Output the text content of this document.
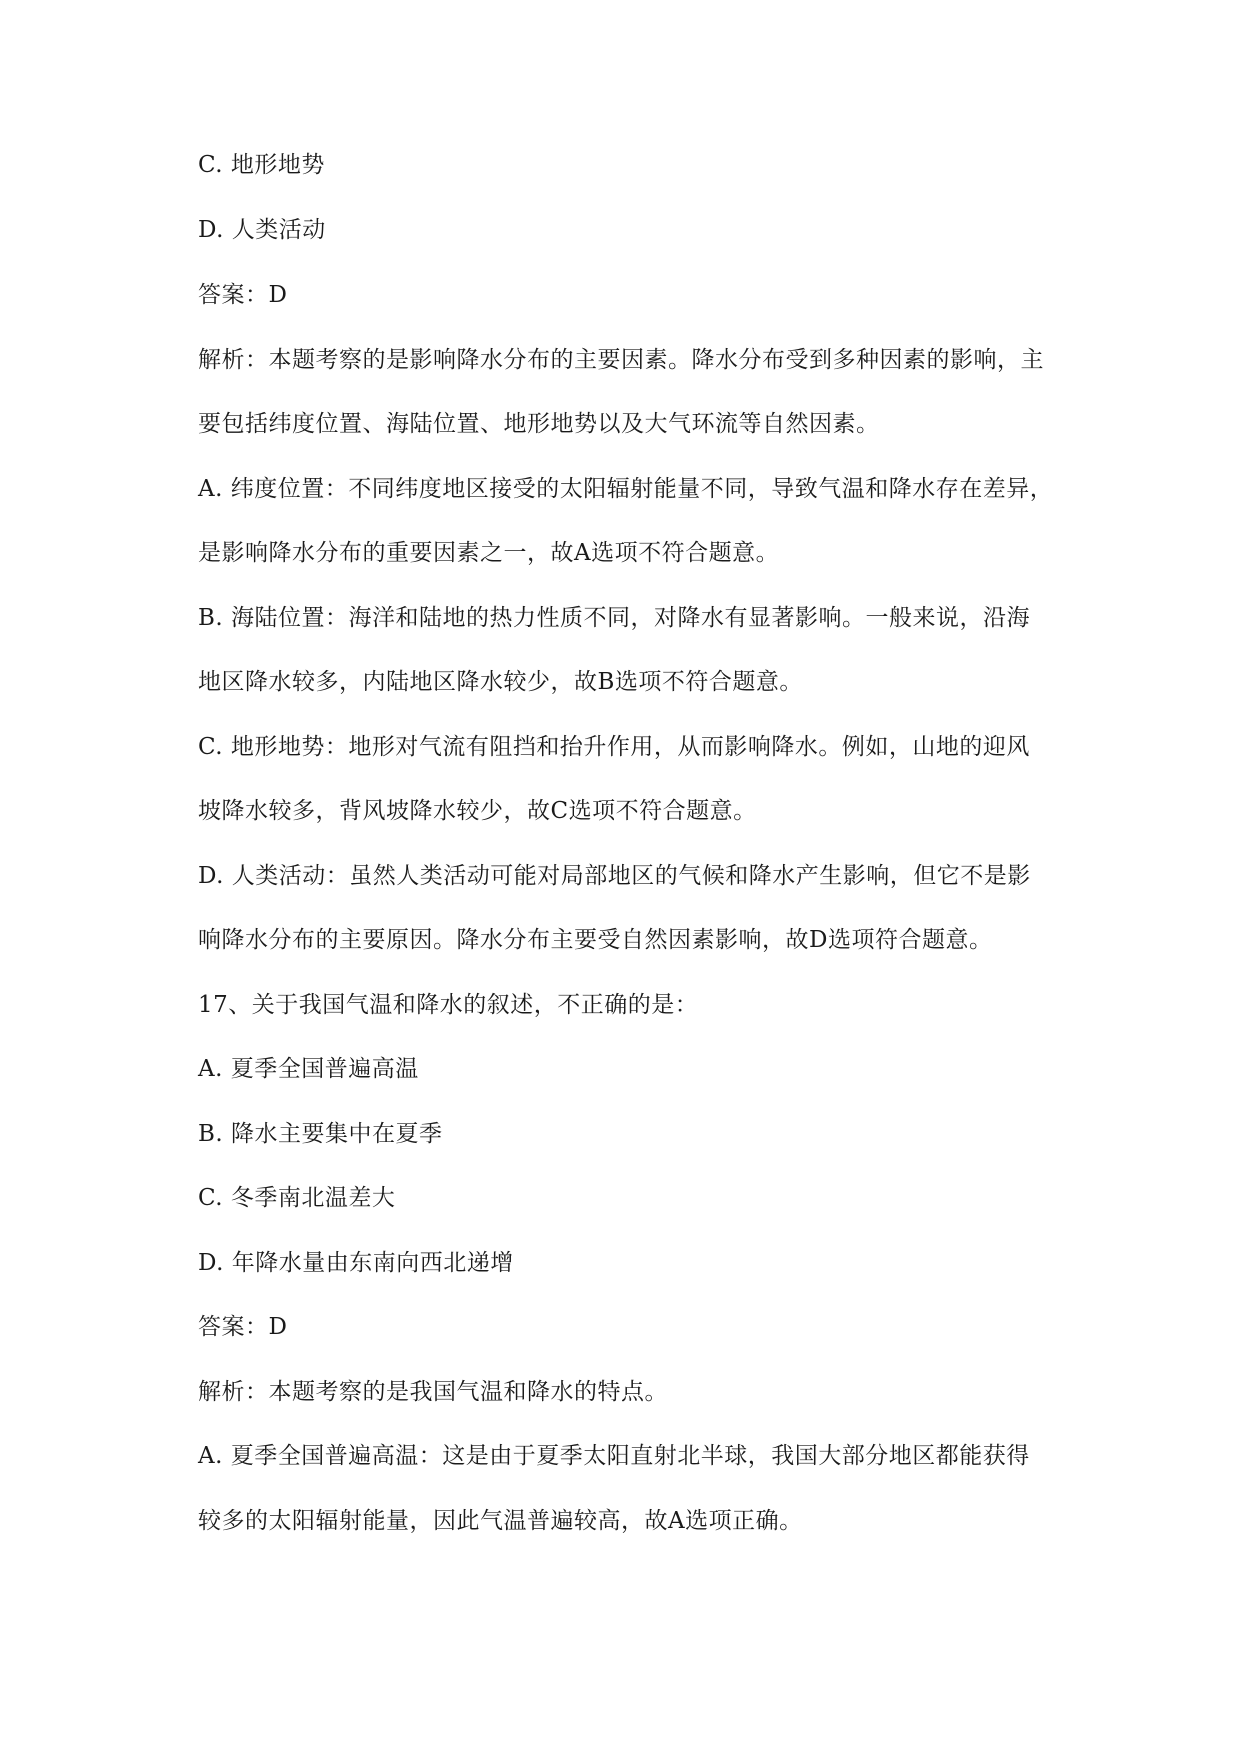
C. 地形地势
D. 人类活动
答案：D
解析：本题考察的是影响降水分布的主要因素。降水分布受到多种因素的影响，主
要包括纬度位置、海陆位置、地形地势以及大气环流等自然因素。
A. 纬度位置：不同纬度地区接受的太阳辐射能量不同，导致气温和降水存在差异，
是影响降水分布的重要因素之一，故A选项不符合题意。
B. 海陆位置：海洋和陆地的热力性质不同，对降水有显著影响。一般来说，沿海
地区降水较多，内陆地区降水较少，故B选项不符合题意。
C. 地形地势：地形对气流有阻挡和抬升作用，从而影响降水。例如，山地的迎风
坡降水较多，背风坡降水较少，故C选项不符合题意。
D. 人类活动：虽然人类活动可能对局部地区的气候和降水产生影响，但它不是影
响降水分布的主要原因。降水分布主要受自然因素影响，故D选项符合题意。
17、关于我国气温和降水的叙述，不正确的是：
A. 夏季全国普遍高温
B. 降水主要集中在夏季
C. 冬季南北温差大
D. 年降水量由东南向西北递增
答案：D
解析：本题考察的是我国气温和降水的特点。
A. 夏季全国普遍高温：这是由于夏季太阳直射北半球，我国大部分地区都能获得
较多的太阳辐射能量，因此气温普遍较高，故A选项正确。
